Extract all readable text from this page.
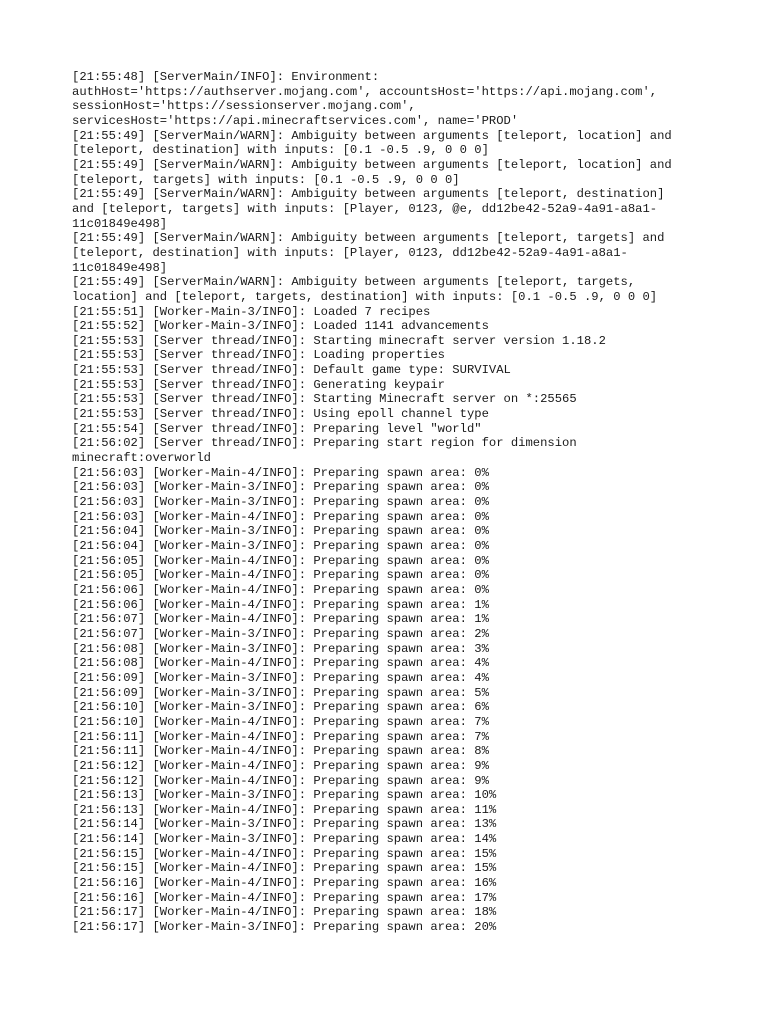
[21:55:48] [ServerMain/INFO]: Environment:
authHost='https://authserver.mojang.com', accountsHost='https://api.mojang.com',
sessionHost='https://sessionserver.mojang.com',
servicesHost='https://api.minecraftservices.com', name='PROD'
[21:55:49] [ServerMain/WARN]: Ambiguity between arguments [teleport, location] and
[teleport, destination] with inputs: [0.1 -0.5 .9, 0 0 0]
[21:55:49] [ServerMain/WARN]: Ambiguity between arguments [teleport, location] and
[teleport, targets] with inputs: [0.1 -0.5 .9, 0 0 0]
[21:55:49] [ServerMain/WARN]: Ambiguity between arguments [teleport, destination]
and [teleport, targets] with inputs: [Player, 0123, @e, dd12be42-52a9-4a91-a8a1-
11c01849e498]
[21:55:49] [ServerMain/WARN]: Ambiguity between arguments [teleport, targets] and
[teleport, destination] with inputs: [Player, 0123, dd12be42-52a9-4a91-a8a1-
11c01849e498]
[21:55:49] [ServerMain/WARN]: Ambiguity between arguments [teleport, targets,
location] and [teleport, targets, destination] with inputs: [0.1 -0.5 .9, 0 0 0]
[21:55:51] [Worker-Main-3/INFO]: Loaded 7 recipes
[21:55:52] [Worker-Main-3/INFO]: Loaded 1141 advancements
[21:55:53] [Server thread/INFO]: Starting minecraft server version 1.18.2
[21:55:53] [Server thread/INFO]: Loading properties
[21:55:53] [Server thread/INFO]: Default game type: SURVIVAL
[21:55:53] [Server thread/INFO]: Generating keypair
[21:55:53] [Server thread/INFO]: Starting Minecraft server on *:25565
[21:55:53] [Server thread/INFO]: Using epoll channel type
[21:55:54] [Server thread/INFO]: Preparing level "world"
[21:56:02] [Server thread/INFO]: Preparing start region for dimension
minecraft:overworld
[21:56:03] [Worker-Main-4/INFO]: Preparing spawn area: 0%
[21:56:03] [Worker-Main-3/INFO]: Preparing spawn area: 0%
[21:56:03] [Worker-Main-3/INFO]: Preparing spawn area: 0%
[21:56:03] [Worker-Main-4/INFO]: Preparing spawn area: 0%
[21:56:04] [Worker-Main-3/INFO]: Preparing spawn area: 0%
[21:56:04] [Worker-Main-3/INFO]: Preparing spawn area: 0%
[21:56:05] [Worker-Main-4/INFO]: Preparing spawn area: 0%
[21:56:05] [Worker-Main-4/INFO]: Preparing spawn area: 0%
[21:56:06] [Worker-Main-4/INFO]: Preparing spawn area: 0%
[21:56:06] [Worker-Main-4/INFO]: Preparing spawn area: 1%
[21:56:07] [Worker-Main-4/INFO]: Preparing spawn area: 1%
[21:56:07] [Worker-Main-3/INFO]: Preparing spawn area: 2%
[21:56:08] [Worker-Main-3/INFO]: Preparing spawn area: 3%
[21:56:08] [Worker-Main-4/INFO]: Preparing spawn area: 4%
[21:56:09] [Worker-Main-3/INFO]: Preparing spawn area: 4%
[21:56:09] [Worker-Main-3/INFO]: Preparing spawn area: 5%
[21:56:10] [Worker-Main-3/INFO]: Preparing spawn area: 6%
[21:56:10] [Worker-Main-4/INFO]: Preparing spawn area: 7%
[21:56:11] [Worker-Main-4/INFO]: Preparing spawn area: 7%
[21:56:11] [Worker-Main-4/INFO]: Preparing spawn area: 8%
[21:56:12] [Worker-Main-4/INFO]: Preparing spawn area: 9%
[21:56:12] [Worker-Main-4/INFO]: Preparing spawn area: 9%
[21:56:13] [Worker-Main-3/INFO]: Preparing spawn area: 10%
[21:56:13] [Worker-Main-4/INFO]: Preparing spawn area: 11%
[21:56:14] [Worker-Main-3/INFO]: Preparing spawn area: 13%
[21:56:14] [Worker-Main-3/INFO]: Preparing spawn area: 14%
[21:56:15] [Worker-Main-4/INFO]: Preparing spawn area: 15%
[21:56:15] [Worker-Main-4/INFO]: Preparing spawn area: 15%
[21:56:16] [Worker-Main-4/INFO]: Preparing spawn area: 16%
[21:56:16] [Worker-Main-4/INFO]: Preparing spawn area: 17%
[21:56:17] [Worker-Main-4/INFO]: Preparing spawn area: 18%
[21:56:17] [Worker-Main-3/INFO]: Preparing spawn area: 20%
